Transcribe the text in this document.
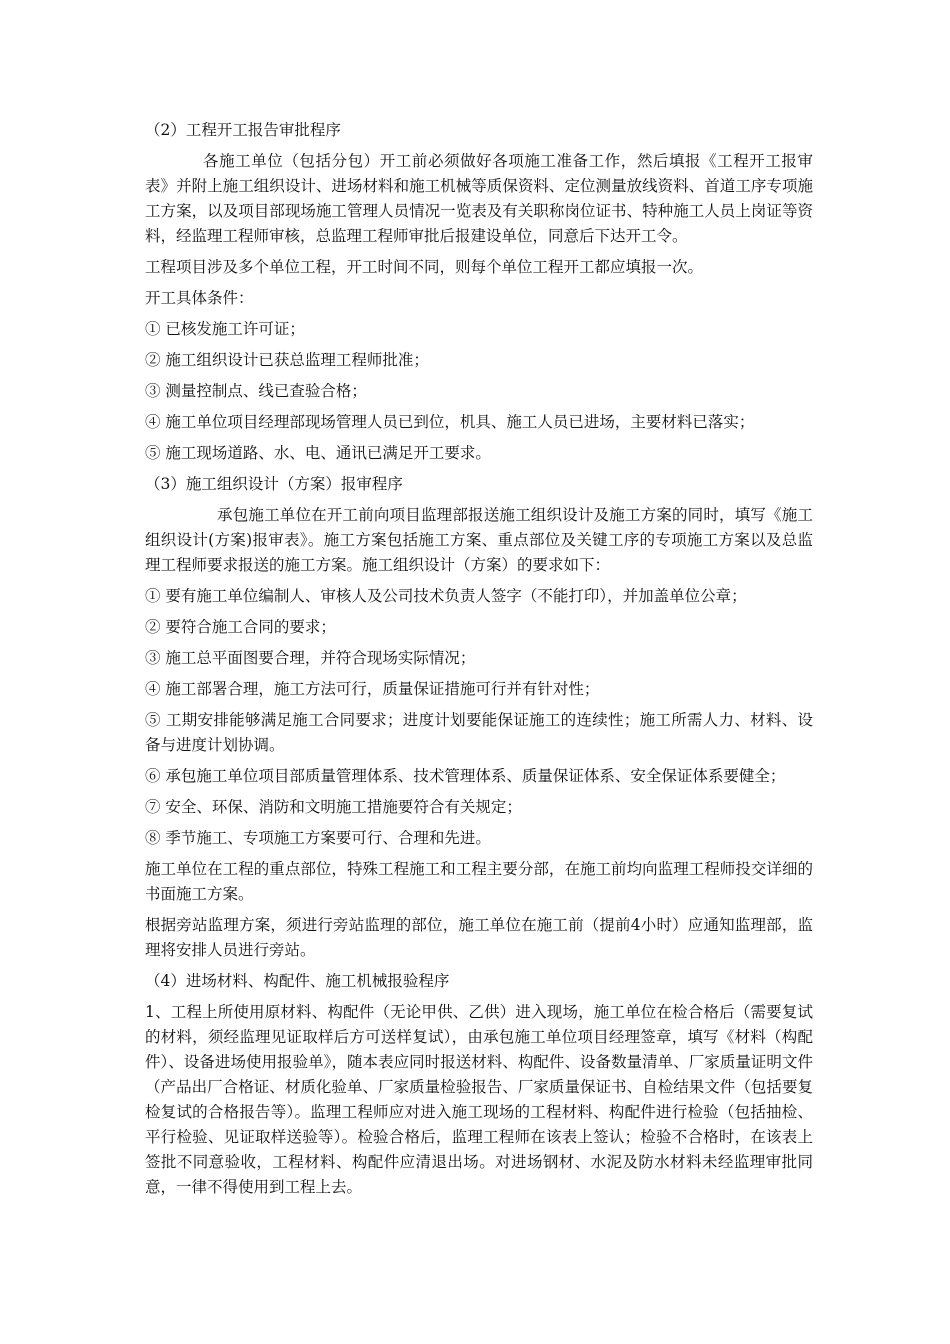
（2）工程开工报告审批程序

各施工单位（包括分包）开工前必须做好各项施工准备工作，然后填报《工程开工报审表》并附上施工组织设计、进场材料和施工机械等质保资料、定位测量放线资料、首道工序专项施工方案，以及项目部现场施工管理人员情况一览表及有关职称岗位证书、特种施工人员上岗证等资料，经监理工程师审核，总监理工程师审批后报建设单位，同意后下达开工令。

工程项目涉及多个单位工程，开工时间不同，则每个单位工程开工都应填报一次。

开工具体条件：

① 已核发施工许可证；

② 施工组织设计已获总监理工程师批准；

③ 测量控制点、线已查验合格；

④ 施工单位项目经理部现场管理人员已到位，机具、施工人员已进场，主要材料已落实；

⑤ 施工现场道路、水、电、通讯已满足开工要求。

（3）施工组织设计（方案）报审程序

承包施工单位在开工前向项目监理部报送施工组织设计及施工方案的同时，填写《施工组织设计(方案)报审表》。施工方案包括施工方案、重点部位及关键工序的专项施工方案以及总监理工程师要求报送的施工方案。施工组织设计（方案）的要求如下：

① 要有施工单位编制人、审核人及公司技术负责人签字（不能打印），并加盖单位公章；

② 要符合施工合同的要求；

③ 施工总平面图要合理，并符合现场实际情况；

④ 施工部署合理，施工方法可行，质量保证措施可行并有针对性；

⑤ 工期安排能够满足施工合同要求；进度计划要能保证施工的连续性；施工所需人力、材料、设备与进度计划协调。

⑥ 承包施工单位项目部质量管理体系、技术管理体系、质量保证体系、安全保证体系要健全；

⑦ 安全、环保、消防和文明施工措施要符合有关规定；

⑧ 季节施工、专项施工方案要可行、合理和先进。

施工单位在工程的重点部位，特殊工程施工和工程主要分部，在施工前均向监理工程师投交详细的书面施工方案。

根据旁站监理方案，须进行旁站监理的部位，施工单位在施工前（提前4小时）应通知监理部，监理将安排人员进行旁站。

（4）进场材料、构配件、施工机械报验程序

1、工程上所使用原材料、构配件（无论甲供、乙供）进入现场，施工单位在检合格后（需要复试的材料，须经监理见证取样后方可送样复试），由承包施工单位项目经理签章，填写《材料（构配件）、设备进场使用报验单》，随本表应同时报送材料、构配件、设备数量清单、厂家质量证明文件（产品出厂合格证、材质化验单、厂家质量检验报告、厂家质量保证书、自检结果文件（包括要复检复试的合格报告等）。监理工程师应对进入施工现场的工程材料、构配件进行检验（包括抽检、平行检验、见证取样送验等）。检验合格后，监理工程师在该表上签认；检验不合格时，在该表上签批不同意验收，工程材料、构配件应清退出场。对进场钢材、水泥及防水材料未经监理审批同意，一律不得使用到工程上去。
